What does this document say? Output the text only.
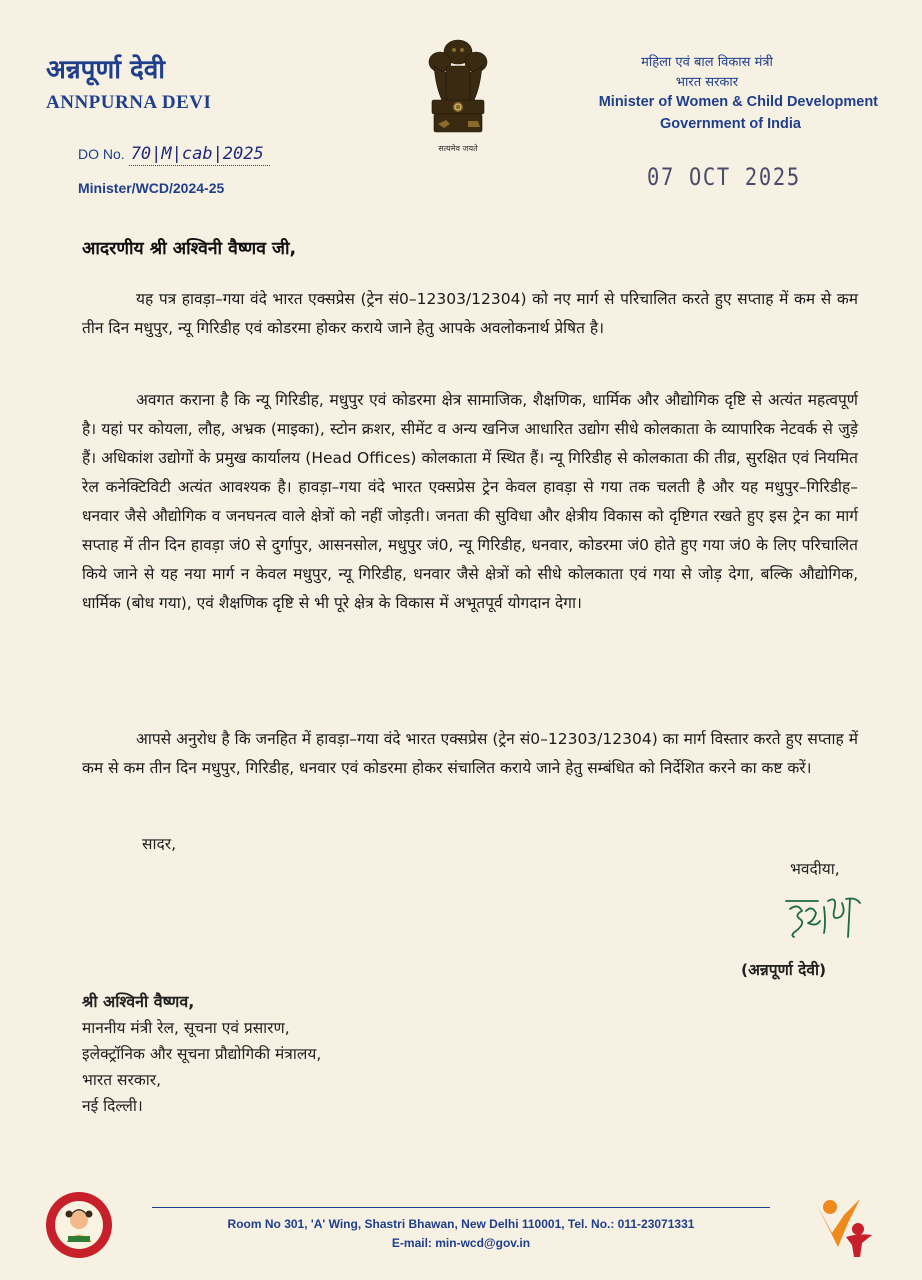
अन्नपूर्णा देवी
ANNPURNA DEVI
DO No. 70|M|cab|2025
Minister/WCD/2024-25
सत्यमेव जयते
महिला एवं बाल विकास मंत्री
भारत सरकार
Minister of Women & Child Development
Government of India
07 OCT 2025
आदरणीय श्री अश्विनी वैष्णव जी,
यह पत्र हावड़ा–गया वंदे भारत एक्सप्रेस (ट्रेन सं0–12303/12304) को नए मार्ग से परिचालित करते हुए सप्ताह में कम से कम तीन दिन मधुपुर, न्यू गिरिडीह एवं कोडरमा होकर कराये जाने हेतु आपके अवलोकनार्थ प्रेषित है।
अवगत कराना है कि न्यू गिरिडीह, मधुपुर एवं कोडरमा क्षेत्र सामाजिक, शैक्षणिक, धार्मिक और औद्योगिक दृष्टि से अत्यंत महत्वपूर्ण है। यहां पर कोयला, लौह, अभ्रक (माइका), स्टोन क्रशर, सीमेंट व अन्य खनिज आधारित उद्योग सीधे कोलकाता के व्यापारिक नेटवर्क से जुड़े हैं। अधिकांश उद्योगों के प्रमुख कार्यालय (Head Offices) कोलकाता में स्थित हैं। न्यू गिरिडीह से कोलकाता की तीव्र, सुरक्षित एवं नियमित रेल कनेक्टिविटी अत्यंत आवश्यक है। हावड़ा–गया वंदे भारत एक्सप्रेस ट्रेन केवल हावड़ा से गया तक चलती है और यह मधुपुर–गिरिडीह–धनवार जैसे औद्योगिक व जनघनत्व वाले क्षेत्रों को नहीं जोड़ती। जनता की सुविधा और क्षेत्रीय विकास को दृष्टिगत रखते हुए इस ट्रेन का मार्ग सप्ताह में तीन दिन हावड़ा जं0 से दुर्गापुर, आसनसोल, मधुपुर जं0, न्यू गिरिडीह, धनवार, कोडरमा जं0 होते हुए गया जं0 के लिए परिचालित किये जाने से यह नया मार्ग न केवल मधुपुर, न्यू गिरिडीह, धनवार जैसे क्षेत्रों को सीधे कोलकाता एवं गया से जोड़ देगा, बल्कि औद्योगिक, धार्मिक (बोध गया), एवं शैक्षणिक दृष्टि से भी पूरे क्षेत्र के विकास में अभूतपूर्व योगदान देगा।
आपसे अनुरोध है कि जनहित में हावड़ा–गया वंदे भारत एक्सप्रेस (ट्रेन सं0–12303/12304) का मार्ग विस्तार करते हुए सप्ताह में कम से कम तीन दिन मधुपुर, गिरिडीह, धनवार एवं कोडरमा होकर संचालित कराये जाने हेतु सम्बंधित को निर्देशित करने का कष्ट करें।
सादर,
भवदीया,
(अन्नपूर्णा देवी)
श्री अश्विनी वैष्णव,
माननीय मंत्री रेल, सूचना एवं प्रसारण,
इलेक्ट्रॉनिक और सूचना प्रौद्योगिकी मंत्रालय,
भारत सरकार,
नई दिल्ली।
Room No 301, 'A' Wing, Shastri Bhawan, New Delhi 110001, Tel. No.: 011-23071331
E-mail: min-wcd@gov.in
